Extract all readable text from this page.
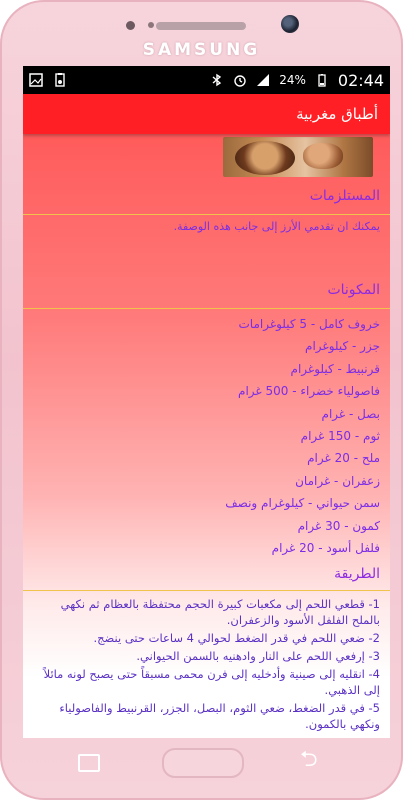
SAMSUNG
24% 02:44
أطباق مغربية
المستلزمات
يمكنك ان تقدمي الأرز إلى جانب هذه الوصفة.
المكونات
خروف كامل - 5 كيلوغرامات
جزر - كيلوغرام
قرنبيط - كيلوغرام
فاصولياء خضراء - 500 غرام
بصل - غرام
ثوم - 150 غرام
ملح - 20 غرام
زعفران - غرامان
سمن حيواني - كيلوغرام ونصف
كمون - 30 غرام
فلفل أسود - 20 غرام
الطريقة

1- قطعي اللحم إلى مكعبات كبيرة الحجم محتفظة بالعظام ثم نكهي بالملح الفلفل الأسود والزعفران.

2- ضعي اللحم في قدر الضغط لحوالي 4 ساعات حتى ينضج.

3- إرفعي اللحم على النار وادهنيه بالسمن الحيواني.

4- انقليه إلى صينية وأدخليه إلى فرن محمى مسبقاً حتى يصبح لونه مائلاً إلى الذهبي.

5- في قدر الضغط، ضعي الثوم، البصل، الجزر، القرنبيط والفاصولياء ونكهي بالكمون.

⮌
